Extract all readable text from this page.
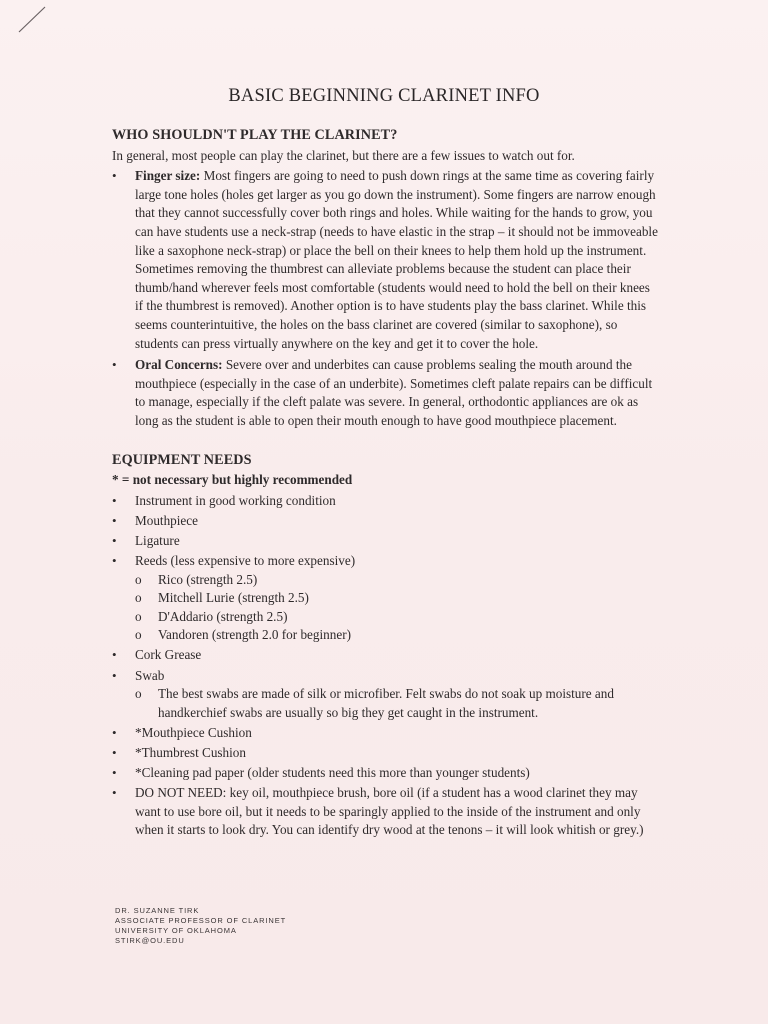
BASIC BEGINNING CLARINET INFO
WHO SHOULDN'T PLAY THE CLARINET?

In general, most people can play the clarinet, but there are a few issues to watch out for.

• Finger size: Most fingers are going to need to push down rings at the same time as covering fairly large tone holes (holes get larger as you go down the instrument). Some fingers are narrow enough that they cannot successfully cover both rings and holes. While waiting for the hands to grow, you can have students use a neck-strap (needs to have elastic in the strap – it should not be immoveable like a saxophone neck-strap) or place the bell on their knees to help them hold up the instrument. Sometimes removing the thumbrest can alleviate problems because the student can place their thumb/hand wherever feels most comfortable (students would need to hold the bell on their knees if the thumbrest is removed). Another option is to have students play the bass clarinet. While this seems counterintuitive, the holes on the bass clarinet are covered (similar to saxophone), so students can press virtually anywhere on the key and get it to cover the hole.
• Oral Concerns: Severe over and underbites can cause problems sealing the mouth around the mouthpiece (especially in the case of an underbite). Sometimes cleft palate repairs can be difficult to manage, especially if the cleft palate was severe. In general, orthodontic appliances are ok as long as the student is able to open their mouth enough to have good mouthpiece placement.
EQUIPMENT NEEDS

* = not necessary but highly recommended

• Instrument in good working condition
• Mouthpiece
• Ligature
• Reeds (less expensive to more expensive)
o Rico (strength 2.5)
o Mitchell Lurie (strength 2.5)
o D'Addario (strength 2.5)
o Vandoren (strength 2.0 for beginner)
• Cork Grease
• Swab
o The best swabs are made of silk or microfiber. Felt swabs do not soak up moisture and handkerchief swabs are usually so big they get caught in the instrument.
• *Mouthpiece Cushion
• *Thumbrest Cushion
• *Cleaning pad paper (older students need this more than younger students)
• DO NOT NEED: key oil, mouthpiece brush, bore oil (if a student has a wood clarinet they may want to use bore oil, but it needs to be sparingly applied to the inside of the instrument and only when it starts to look dry. You can identify dry wood at the tenons – it will look whitish or grey.)
DR. SUZANNE TIRK
ASSOCIATE PROFESSOR OF CLARINET
UNIVERSITY OF OKLAHOMA
STIRK@OU.EDU
